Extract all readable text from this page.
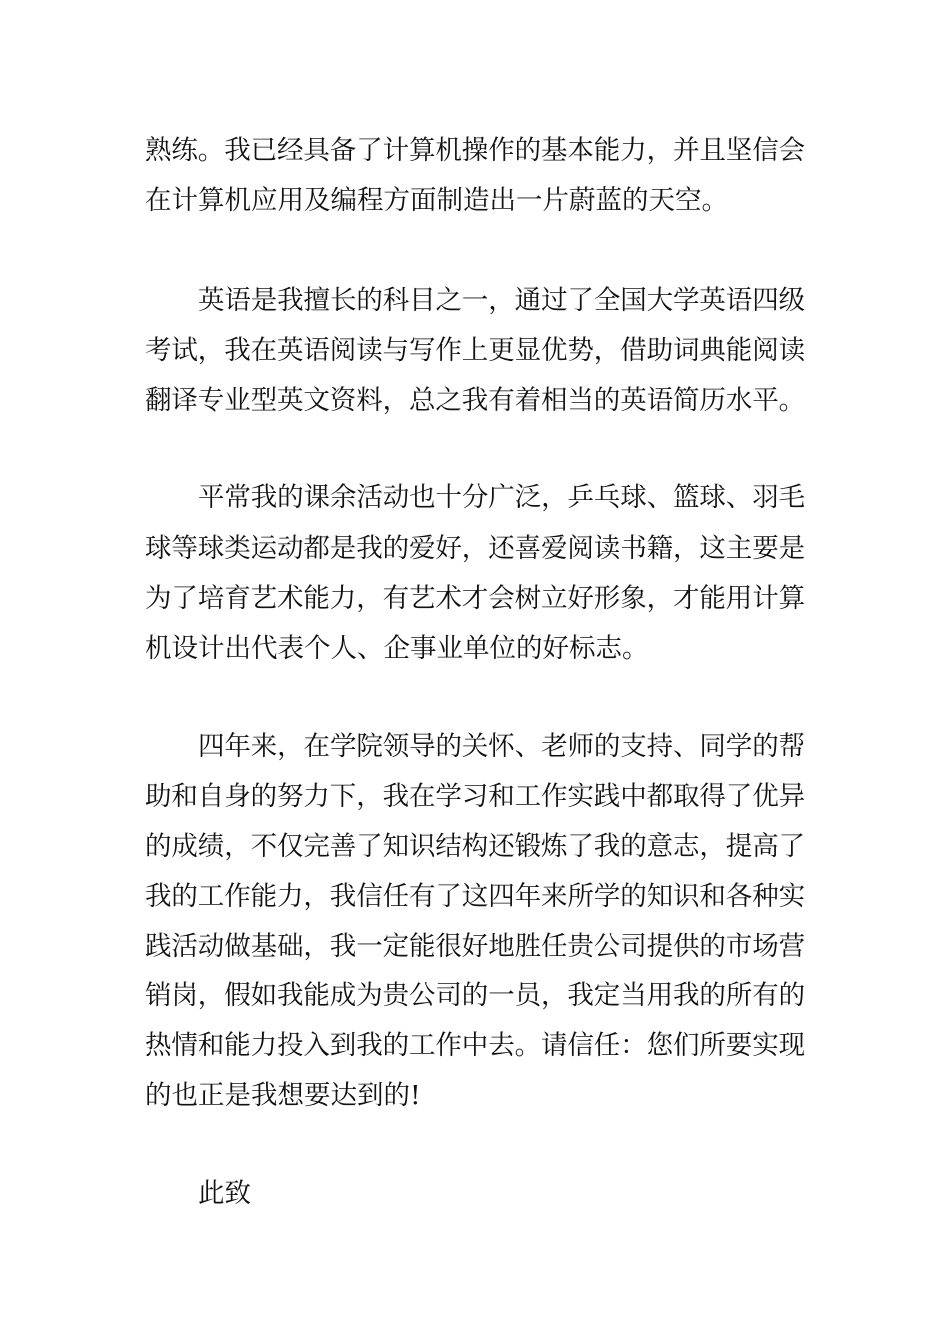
熟练。我已经具备了计算机操作的基本能力，并且坚信会
在计算机应用及编程方面制造出一片蔚蓝的天空。
英语是我擅长的科目之一，通过了全国大学英语四级
考试，我在英语阅读与写作上更显优势，借助词典能阅读
翻译专业型英文资料，总之我有着相当的英语简历水平。
平常我的课余活动也十分广泛，乒乓球、篮球、羽毛
球等球类运动都是我的爱好，还喜爱阅读书籍，这主要是
为了培育艺术能力，有艺术才会树立好形象，才能用计算
机设计出代表个人、企事业单位的好标志。
四年来，在学院领导的关怀、老师的支持、同学的帮
助和自身的努力下，我在学习和工作实践中都取得了优异
的成绩，不仅完善了知识结构还锻炼了我的意志，提高了
我的工作能力，我信任有了这四年来所学的知识和各种实
践活动做基础，我一定能很好地胜任贵公司提供的市场营
销岗，假如我能成为贵公司的一员，我定当用我的所有的
热情和能力投入到我的工作中去。请信任：您们所要实现
的也正是我想要达到的!
此致
